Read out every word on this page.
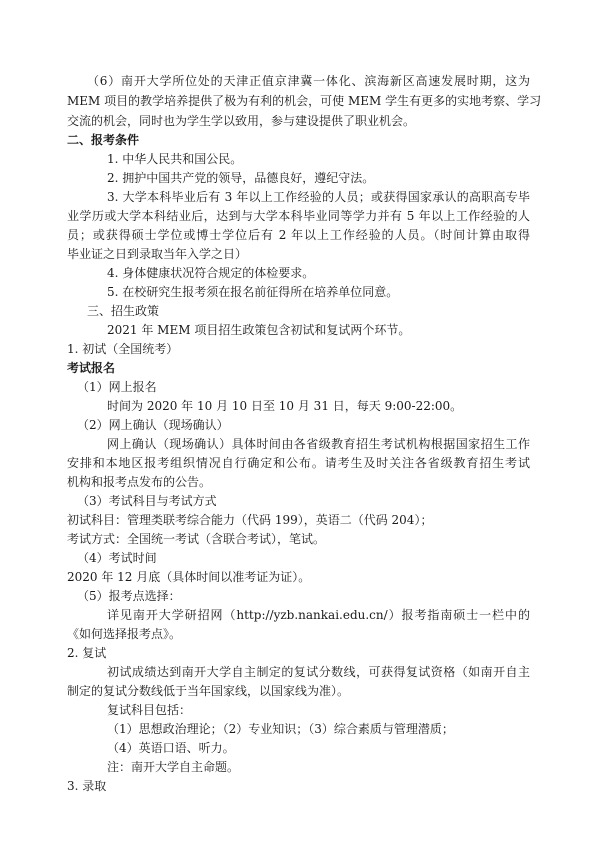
（6）南开大学所位处的天津正值京津冀一体化、滨海新区高速发展时期，这为
MEM 项目的教学培养提供了极为有利的机会，可使 MEM 学生有更多的实地考察、学习
交流的机会，同时也为学生学以致用，参与建设提供了职业机会。
二、报考条件
1. 中华人民共和国公民。
2. 拥护中国共产党的领导，品德良好，遵纪守法。
3. 大学本科毕业后有 3 年以上工作经验的人员；或获得国家承认的高职高专毕
业学历或大学本科结业后，达到与大学本科毕业同等学力并有 5 年以上工作经验的人
员；或获得硕士学位或博士学位后有 2 年以上工作经验的人员。（时间计算由取得
毕业证之日到录取当年入学之日）
4. 身体健康状况符合规定的体检要求。
5. 在校研究生报考须在报名前征得所在培养单位同意。
三、招生政策
2021 年 MEM 项目招生政策包含初试和复试两个环节。
1. 初试（全国统考）
考试报名
（1）网上报名
时间为 2020 年 10 月 10 日至 10 月 31 日，每天 9:00-22:00。
（2）网上确认（现场确认）
网上确认（现场确认）具体时间由各省级教育招生考试机构根据国家招生工作
安排和本地区报考组织情况自行确定和公布。请考生及时关注各省级教育招生考试
机构和报考点发布的公告。
（3）考试科目与考试方式
初试科目：管理类联考综合能力（代码 199），英语二（代码 204）；
考试方式：全国统一考试（含联合考试），笔试。
（4）考试时间
2020 年 12 月底（具体时间以准考证为证）。
（5）报考点选择：
详见南开大学研招网（http://yzb.nankai.edu.cn/）报考指南硕士一栏中的
《如何选择报考点》。
2. 复试
初试成绩达到南开大学自主制定的复试分数线，可获得复试资格（如南开自主
制定的复试分数线低于当年国家线，以国家线为准）。
复试科目包括：
（1）思想政治理论；（2）专业知识；（3）综合素质与管理潜质；
（4）英语口语、听力。
注：南开大学自主命题。
3. 录取
